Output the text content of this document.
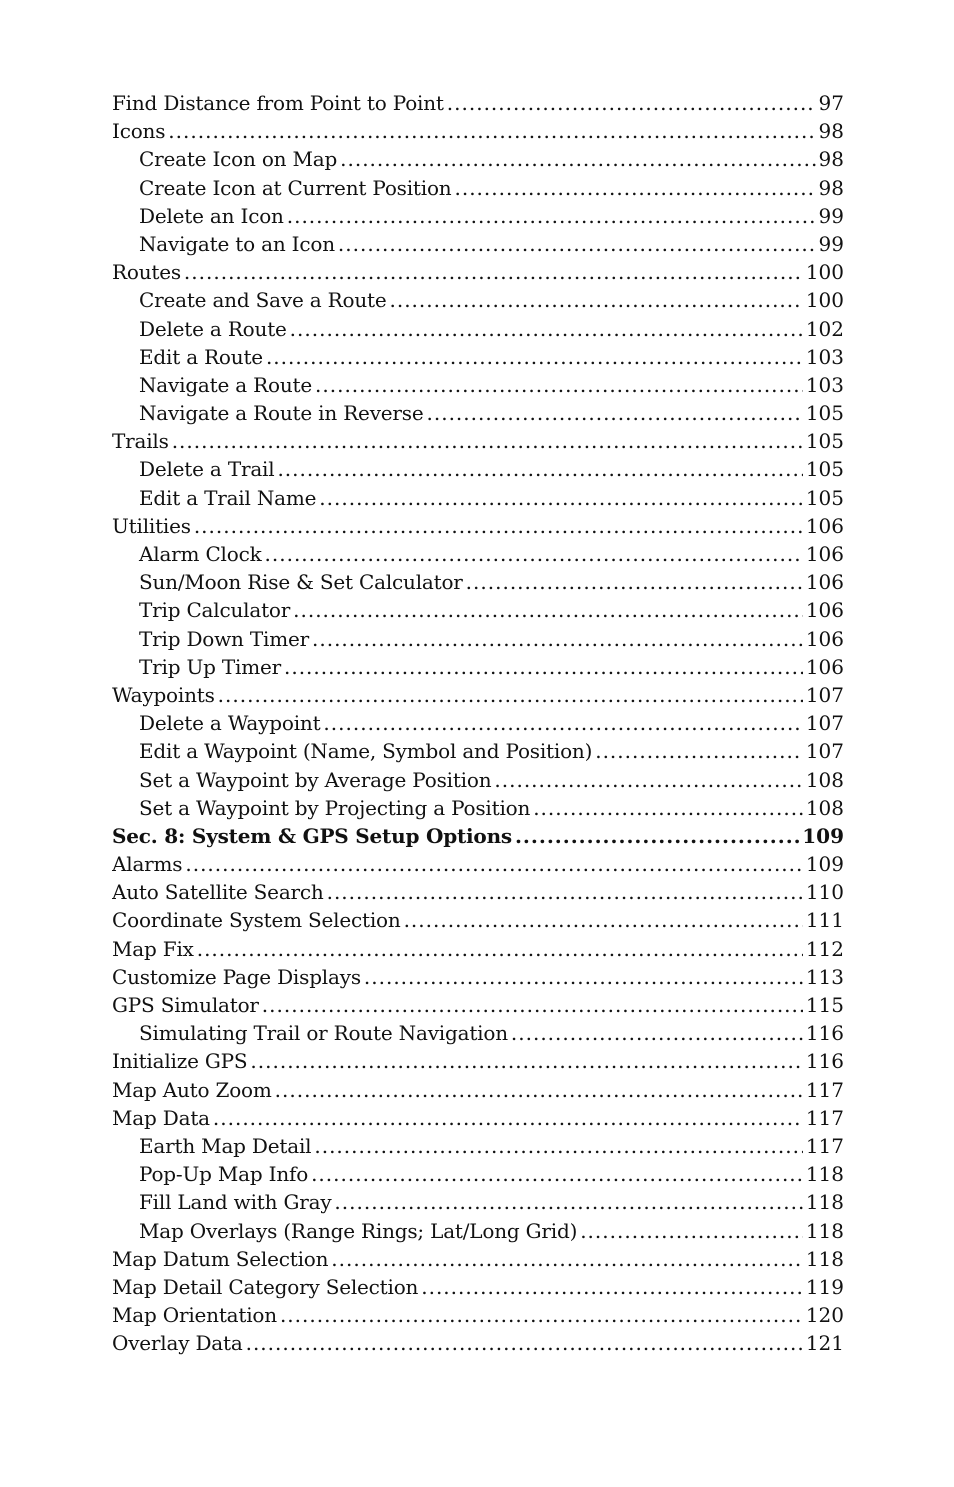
Find Distance from Point to Point .....	97
Icons .....	98
Create Icon on Map .....	98
Create Icon at Current Position .....	98
Delete an Icon .....	99
Navigate to an Icon .....	99
Routes .....	100
Create and Save a Route .....	100
Delete a Route .....	102
Edit a Route .....	103
Navigate a Route .....	103
Navigate a Route in Reverse .....	105
Trails .....	105
Delete a Trail .....	105
Edit a Trail Name .....	105
Utilities .....	106
Alarm Clock .....	106
Sun/Moon Rise & Set Calculator .....	106
Trip Calculator .....	106
Trip Down Timer .....	106
Trip Up Timer .....	106
Waypoints .....	107
Delete a Waypoint .....	107
Edit a Waypoint (Name, Symbol and Position) .....	107
Set a Waypoint by Average Position .....	108
Set a Waypoint by Projecting a Position .....	108
Sec. 8: System & GPS Setup Options .....	109
Alarms .....	109
Auto Satellite Search .....	110
Coordinate System Selection .....	111
Map Fix .....	112
Customize Page Displays .....	113
GPS Simulator .....	115
Simulating Trail or Route Navigation .....	116
Initialize GPS .....	116
Map Auto Zoom .....	117
Map Data .....	117
Earth Map Detail .....	117
Pop-Up Map Info .....	118
Fill Land with Gray .....	118
Map Overlays (Range Rings; Lat/Long Grid) .....	118
Map Datum Selection .....	118
Map Detail Category Selection .....	119
Map Orientation .....	120
Overlay Data .....	121
